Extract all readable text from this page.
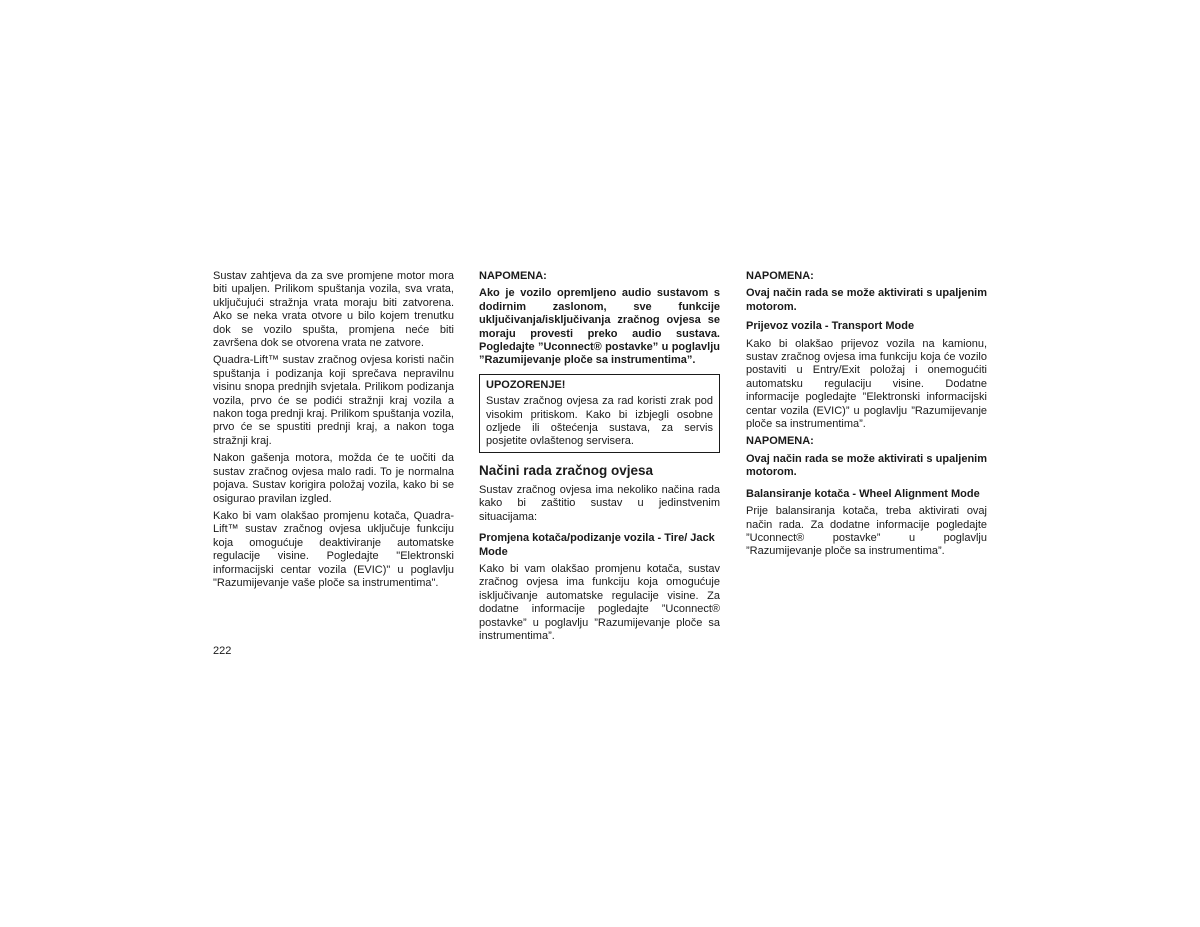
Sustav zahtjeva da za sve promjene motor mora biti upaljen. Prilikom spuštanja vozila, sva vrata, uključujući stražnja vrata moraju biti zatvorena. Ako se neka vrata otvore u bilo kojem trenutku dok se vozilo spušta, promjena neće biti završena dok se otvorena vrata ne zatvore.

Quadra-Lift™ sustav zračnog ovjesa koristi način spuštanja i podizanja koji sprečava nepravilnu visinu snopa prednjih svjetala. Prilikom podizanja vozila, prvo će se podići stražnji kraj vozila a nakon toga prednji kraj. Prilikom spuštanja vozila, prvo će se spustiti prednji kraj, a nakon toga stražnji kraj.

Nakon gašenja motora, možda će te uočiti da sustav zračnog ovjesa malo radi. To je normalna pojava. Sustav korigira položaj vozila, kako bi se osigurao pravilan izgled.

Kako bi vam olakšao promjenu kotača, Quadra-Lift™ sustav zračnog ovjesa uključuje funkciju koja omogućuje deaktiviranje automatske regulacije visine. Pogledajte "Elektronski informacijski centar vozila (EVIC)" u poglavlju "Razumijevanje vaše ploče sa instrumentima".

NAPOMENA:

Ako je vozilo opremljeno audio sustavom s dodirnim zaslonom, sve funkcije uključivanja/isključivanja zračnog ovjesa se moraju provesti preko audio sustava. Pogledajte ”Uconnect® postavke” u poglavlju ”Razumijevanje ploče sa instrumentima”.

UPOZORENJE!

Sustav zračnog ovjesa za rad koristi zrak pod visokim pritiskom. Kako bi izbjegli osobne ozljede ili oštećenja sustava, za servis posjetite ovlaštenog servisera.

Načini rada zračnog ovjesa

Sustav zračnog ovjesa ima nekoliko načina rada kako bi zaštitio sustav u jedinstvenim situacijama:

Promjena kotača/podizanje vozila - Tire/ Jack Mode

Kako bi vam olakšao promjenu kotača, sustav zračnog ovjesa ima funkciju koja omogućuje isključivanje automatske regulacije visine. Za dodatne informacije pogledajte ”Uconnect® postavke” u poglavlju ”Razumijevanje ploče sa instrumentima”.

NAPOMENA:

Ovaj način rada se može aktivirati s upaljenim motorom.

Prijevoz vozila - Transport Mode

Kako bi olakšao prijevoz vozila na kamionu, sustav zračnog ovjesa ima funkciju koja će vozilo postaviti u Entry/Exit položaj i onemogućiti automatsku regulaciju visine. Dodatne informacije pogledajte ”Elektronski informacijski centar vozila (EVIC)” u poglavlju ”Razumijevanje ploče sa instrumentima”.

NAPOMENA:

Ovaj način rada se može aktivirati s upaljenim motorom.

Balansiranje kotača - Wheel Alignment Mode

Prije balansiranja kotača, treba aktivirati ovaj način rada. Za dodatne informacije pogledajte ”Uconnect® postavke” u poglavlju ”Razumijevanje ploče sa instrumentima”.

222
